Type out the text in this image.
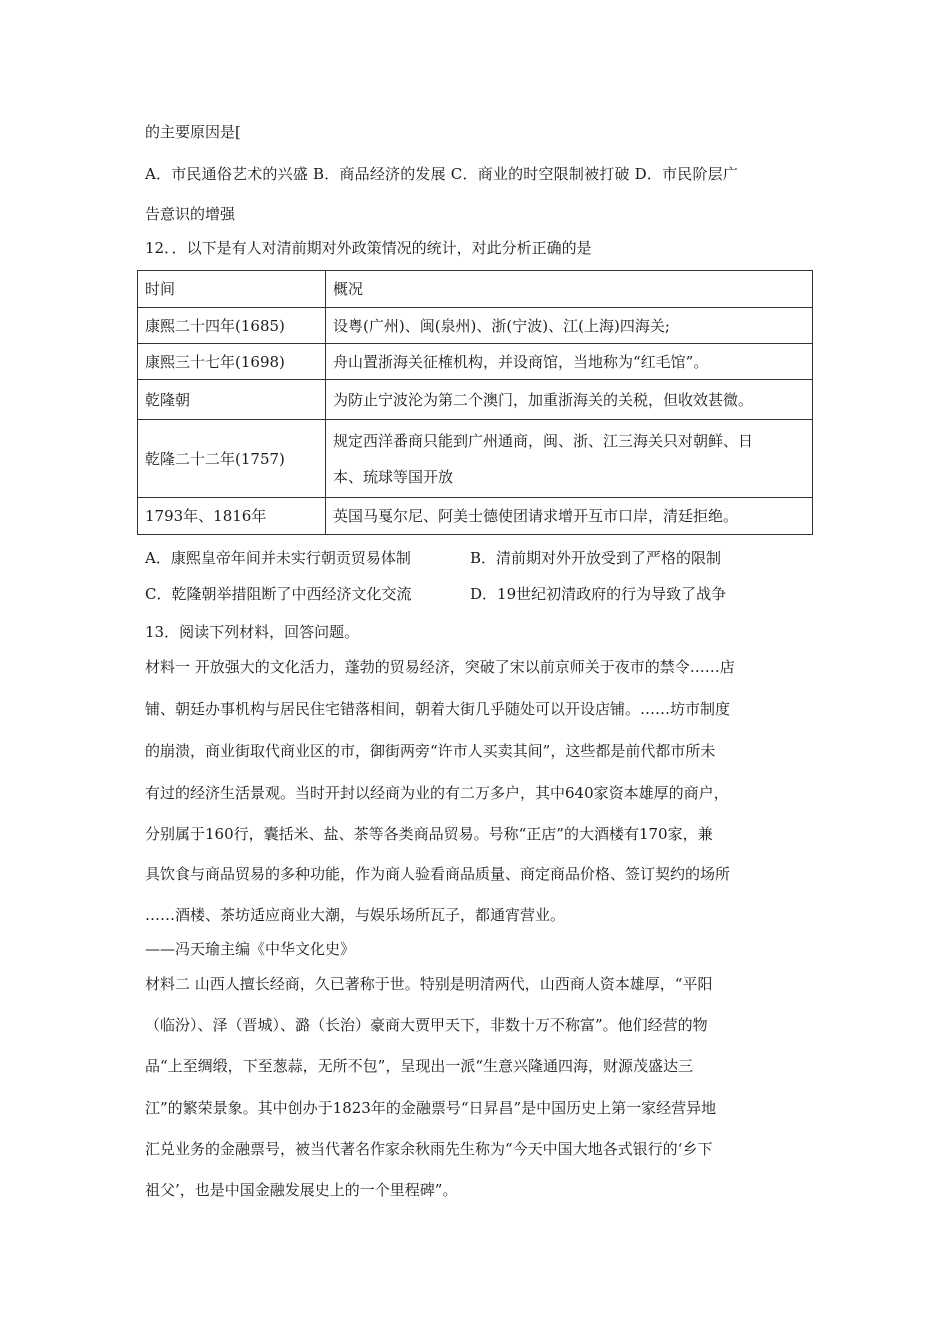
的主要原因是[
A．市民通俗艺术的兴盛 B．商品经济的发展 C．商业的时空限制被打破 D．市民阶层广
告意识的增强
12．．以下是有人对清前期对外政策情况的统计，对此分析正确的是
时间	概况
康熙二十四年(1685)	设粤(广州)、闽(泉州)、浙(宁波)、江(上海)四海关;
康熙三十七年(1698)	舟山置浙海关征榷机构，并设商馆，当地称为“红毛馆”。
乾隆朝	为防止宁波沦为第二个澳门，加重浙海关的关税，但收效甚微。
乾隆二十二年(1757)	规定西洋番商只能到广州通商，闽、浙、江三海关只对朝鲜、日
本、琉球等国开放

1793年、1816年	英国马戛尔尼、阿美士德使团请求增开互市口岸，清廷拒绝。
A．康熙皇帝年间并未实行朝贡贸易体制	B．清前期对外开放受到了严格的限制
C．乾隆朝举措阻断了中西经济文化交流	D．19世纪初清政府的行为导致了战争
13．阅读下列材料，回答问题。
材料一 开放强大的文化活力，蓬勃的贸易经济，突破了宋以前京师关于夜市的禁令……店
铺、朝廷办事机构与居民住宅错落相间，朝着大街几乎随处可以开设店铺。……坊市制度
的崩溃，商业街取代商业区的市，御街两旁“许市人买卖其间”，这些都是前代都市所未
有过的经济生活景观。当时开封以经商为业的有二万多户，其中640家资本雄厚的商户，
分别属于160行，囊括米、盐、茶等各类商品贸易。号称“正店”的大酒楼有170家，兼
具饮食与商品贸易的多种功能，作为商人验看商品质量、商定商品价格、签订契约的场所
……酒楼、茶坊适应商业大潮，与娱乐场所瓦子，都通宵营业。
——冯天瑜主编《中华文化史》
材料二 山西人擅长经商，久已著称于世。特别是明清两代，山西商人资本雄厚，“平阳
（临汾）、泽（晋城）、潞（长治）豪商大贾甲天下，非数十万不称富”。他们经营的物
品“上至绸缎，下至葱蒜，无所不包”，呈现出一派“生意兴隆通四海，财源茂盛达三
江”的繁荣景象。其中创办于1823年的金融票号“日昇昌”是中国历史上第一家经营异地
汇兑业务的金融票号，被当代著名作家余秋雨先生称为“今天中国大地各式银行的‘乡下
祖父’，也是中国金融发展史上的一个里程碑”。
